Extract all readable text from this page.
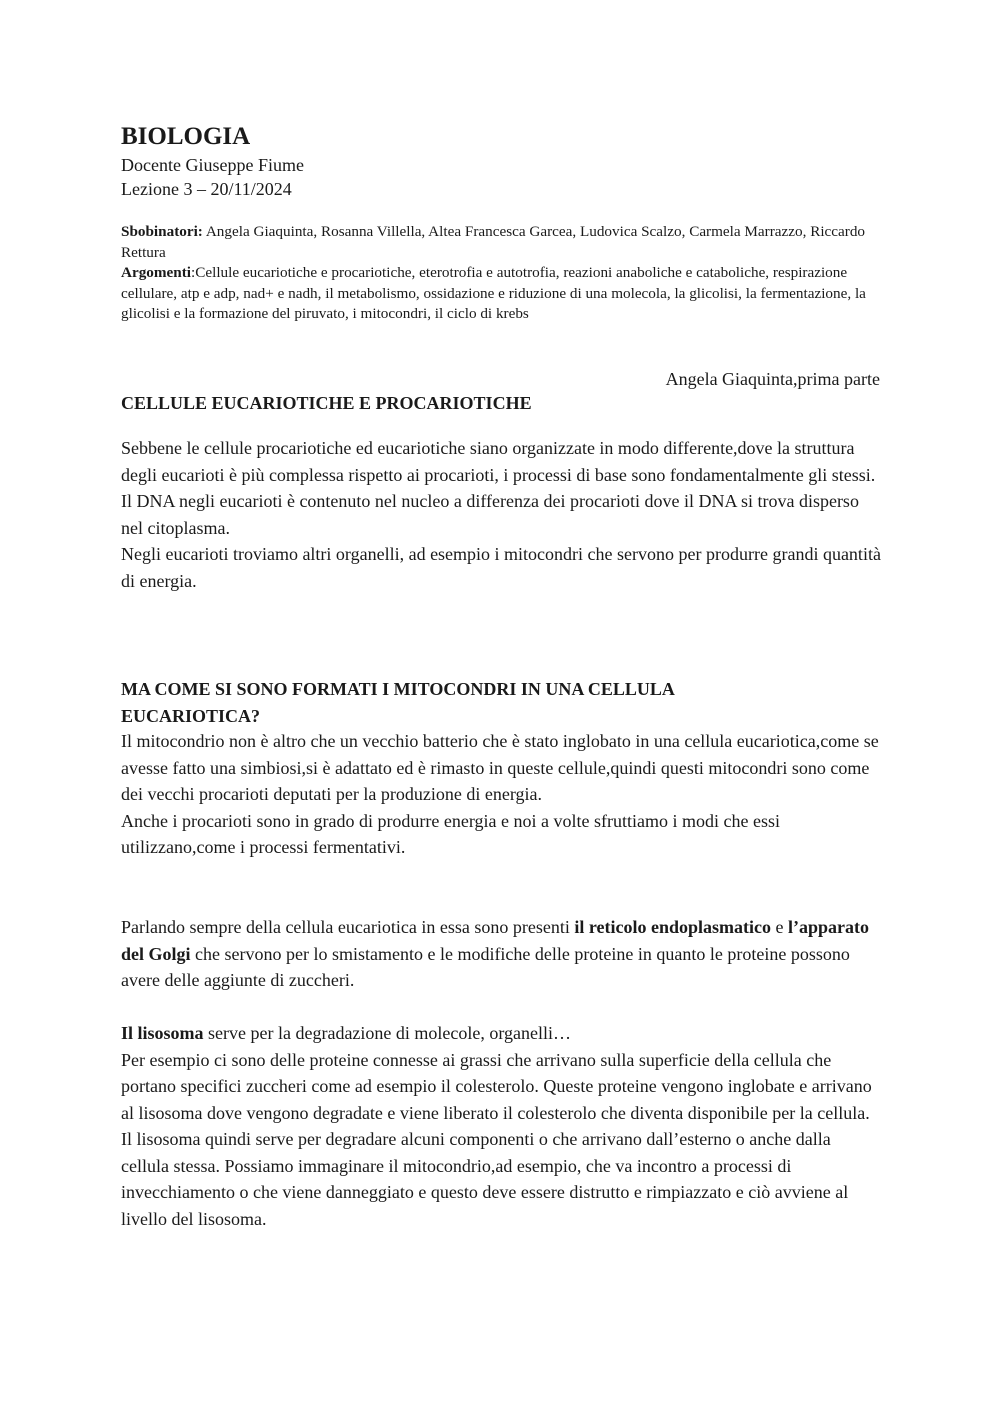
BIOLOGIA
Docente Giuseppe Fiume
Lezione 3 – 20/11/2024
Sbobinatori: Angela Giaquinta, Rosanna Villella, Altea Francesca Garcea, Ludovica Scalzo, Carmela Marrazzo, Riccardo Rettura
Argomenti:Cellule eucariotiche e procariotiche, eterotrofia e autotrofia, reazioni anaboliche e cataboliche, respirazione cellulare, atp e adp, nad+ e nadh, il metabolismo, ossidazione e riduzione di una molecola, la glicolisi, la fermentazione, la glicolisi e la formazione del piruvato, i mitocondri, il ciclo di krebs
Angela Giaquinta,prima parte
CELLULE EUCARIOTICHE E PROCARIOTICHE

Sebbene le cellule procariotiche ed eucariotiche siano organizzate in modo differente,dove la struttura degli eucarioti è più complessa rispetto ai procarioti, i processi di base sono fondamentalmente gli stessi.
Il DNA negli eucarioti è contenuto nel nucleo a differenza dei procarioti dove il DNA si trova disperso nel citoplasma.
Negli eucarioti troviamo altri organelli, ad esempio i mitocondri che servono per produrre grandi quantità di energia.

MA COME SI SONO FORMATI I MITOCONDRI IN UNA CELLULA EUCARIOTICA?

Il mitocondrio non è altro che un vecchio batterio che è stato inglobato in una cellula eucariotica,come se avesse fatto una simbiosi,si è adattato ed è rimasto in queste cellule,quindi questi mitocondri sono come dei vecchi procarioti deputati per la produzione di energia.
Anche i procarioti sono in grado di produrre energia e noi a volte sfruttiamo i modi che essi utilizzano,come i processi fermentativi.

Parlando sempre della cellula eucariotica in essa sono presenti il reticolo endoplasmatico e l’apparato del Golgi che servono per lo smistamento e le modifiche delle proteine in quanto le proteine possono avere delle aggiunte di zuccheri.

Il lisosoma serve per la degradazione di molecole, organelli…
Per esempio ci sono delle proteine connesse ai grassi che arrivano sulla superficie della cellula che portano specifici zuccheri come ad esempio il colesterolo. Queste proteine vengono inglobate e arrivano al lisosoma dove vengono degradate e viene liberato il colesterolo che diventa disponibile per la cellula.
Il lisosoma quindi serve per degradare alcuni componenti o che arrivano dall’esterno o anche dalla cellula stessa. Possiamo immaginare il mitocondrio,ad esempio, che va incontro a processi di invecchiamento o che viene danneggiato e questo deve essere distrutto e rimpiazzato e ciò avviene al livello del lisosoma.
